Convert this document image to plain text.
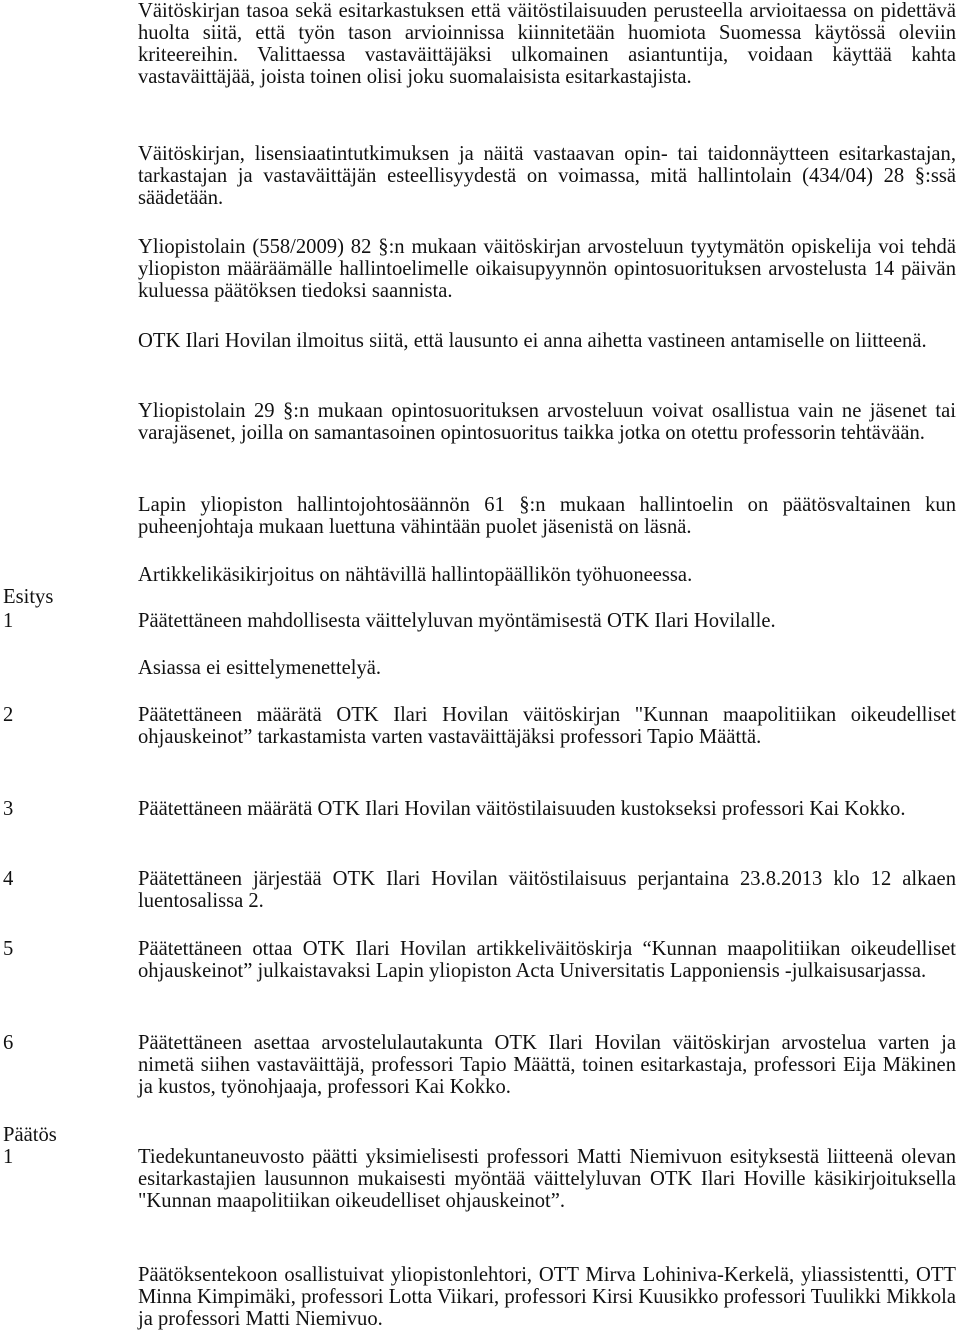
Väitöskirjan tasoa sekä esitarkastuksen että väitöstilaisuuden perusteella arvioitaessa on pidettävä huolta siitä, että työn tason arvioinnissa kiinnitetään huomiota Suomessa käytössä oleviin kriteereihin. Valittaessa vastaväittäjäksi ulkomainen asiantuntija, voidaan käyttää kahta vastaväittäjää, joista toinen olisi joku suomalaisista esitarkastajista.

Väitöskirjan, lisensiaatintutkimuksen ja näitä vastaavan opin- tai taidonnäytteen esitarkastajan, tarkastajan ja vastaväittäjän esteellisyydestä on voimassa, mitä hallintolain (434/04) 28 §:ssä säädetään.

Yliopistolain (558/2009) 82 §:n mukaan väitöskirjan arvosteluun tyytymätön opiskelija voi tehdä yliopiston määräämälle hallintoelimelle oikaisupyynnön opintosuorituksen arvostelusta 14 päivän kuluessa päätöksen tiedoksi saannista.

OTK Ilari Hovilan ilmoitus siitä, että lausunto ei anna aihetta vastineen antamiselle on liitteenä.

Yliopistolain 29 §:n mukaan opintosuorituksen arvosteluun voivat osallistua vain ne jäsenet tai varajäsenet, joilla on samantasoinen opintosuoritus taikka jotka on otettu professorin tehtävään.

Lapin yliopiston hallintojohtosäännön 61 §:n mukaan hallintoelin on päätösvaltainen kun puheenjohtaja mukaan luettuna vähintään puolet jäsenistä on läsnä.

Artikkelikäsikirjoitus on nähtävillä hallintopäällikön työhuoneessa.

Esitys
1	Päätettäneen mahdollisesta väittelyluvan myöntämisestä OTK Ilari Hovilalle.

Asiassa ei esittelymenettelyä.

2	Päätettäneen määrätä OTK Ilari Hovilan väitöskirjan "Kunnan maapolitiikan oikeudelliset ohjauskeinot” tarkastamista varten vastaväittäjäksi professori Tapio Määttä.

3	Päätettäneen määrätä OTK Ilari Hovilan väitöstilaisuuden kustokseksi professori Kai Kokko.

4	Päätettäneen järjestää OTK Ilari Hovilan väitöstilaisuus perjantaina 23.8.2013 klo 12 alkaen luentosalissa 2.

5	Päätettäneen ottaa OTK Ilari Hovilan artikkeliväitöskirja “Kunnan maapolitiikan oikeudelliset ohjauskeinot” julkaistavaksi Lapin yliopiston Acta Universitatis Lapponiensis -julkaisusarjassa.

6	Päätettäneen asettaa arvostelulautakunta OTK Ilari Hovilan väitöskirjan arvostelua varten ja nimetä siihen vastaväittäjä, professori Tapio Määttä, toinen esitarkastaja, professori Eija Mäkinen ja kustos, työnohjaaja, professori Kai Kokko.

Päätös
1	Tiedekuntaneuvosto päätti yksimielisesti professori Matti Niemivuon esityksestä liitteenä olevan esitarkastajien lausunnon mukaisesti myöntää väittelyluvan OTK Ilari Hoville käsikirjoituksella "Kunnan maapolitiikan oikeudelliset ohjauskeinot”.

Päätöksentekoon osallistuivat yliopistonlehtori, OTT Mirva Lohiniva-Kerkelä, yliassistentti, OTT Minna Kimpimäki, professori Lotta Viikari, professori Kirsi Kuusikko professori Tuulikki Mikkola ja professori Matti Niemivuo.
